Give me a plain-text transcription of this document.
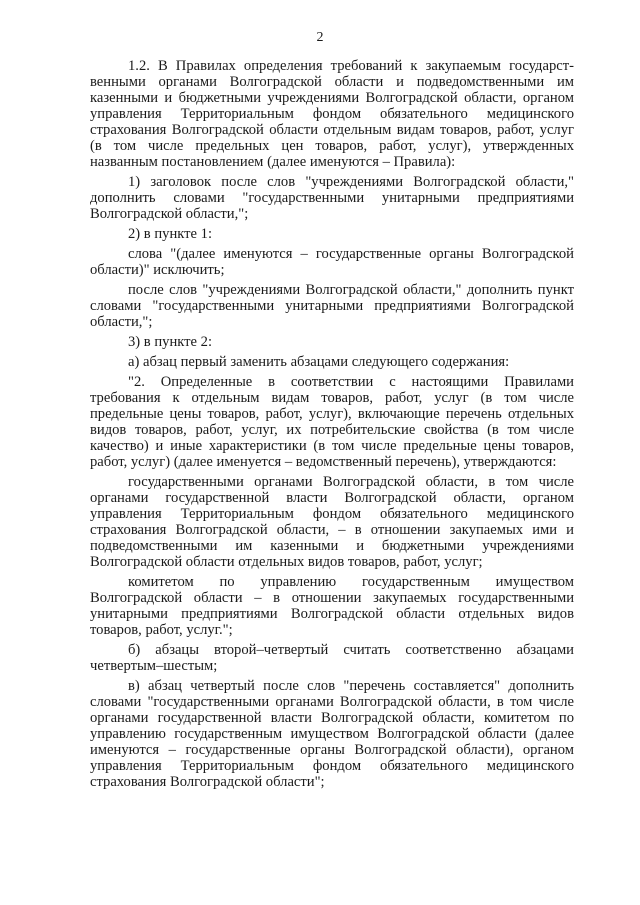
2

1.2. В Правилах определения требований к закупаемым государственными органами Волгоградской области и подведомственными им казенными и бюджетными учреждениями Волгоградской области, органом управления Территориальным фондом обязательного медицинского страхования Волгоградской области отдельным видам товаров, работ, услуг (в том числе предельных цен товаров, работ, услуг), утвержденных названным постановлением (далее именуются – Правила):

1) заголовок после слов "учреждениями Волгоградской области," дополнить словами "государственными унитарными предприятиями Волгоградской области,";

2) в пункте 1:

слова "(далее именуются – государственные органы Волгоградской области)" исключить;

после слов "учреждениями Волгоградской области," дополнить пункт словами "государственными унитарными предприятиями Волгоградской области,";

3) в пункте 2:

а) абзац первый заменить абзацами следующего содержания:

"2. Определенные в соответствии с настоящими Правилами требования к отдельным видам товаров, работ, услуг (в том числе предельные цены товаров, работ, услуг), включающие перечень отдельных видов товаров, работ, услуг, их потребительские свойства (в том числе качество) и иные характеристики (в том числе предельные цены товаров, работ, услуг) (далее именуется – ведомственный перечень), утверждаются:

государственными органами Волгоградской области, в том числе органами государственной власти Волгоградской области, органом управления Территориальным фондом обязательного медицинского страхования Волгоградской области, – в отношении закупаемых ими и подведомственными им казенными и бюджетными учреждениями Волгоградской области отдельных видов товаров, работ, услуг;

комитетом по управлению государственным имуществом Волгоградской области – в отношении закупаемых государственными унитарными предприятиями Волгоградской области отдельных видов товаров, работ, услуг.";

б) абзацы второй–четвертый считать соответственно абзацами четвертым–шестым;

в) абзац четвертый после слов "перечень составляется" дополнить словами "государственными органами Волгоградской области, в том числе органами государственной власти Волгоградской области, комитетом по управлению государственным имуществом Волгоградской области (далее именуются – государственные органы Волгоградской области), органом управления Территориальным фондом обязательного медицинского страхования Волгоградской области";
